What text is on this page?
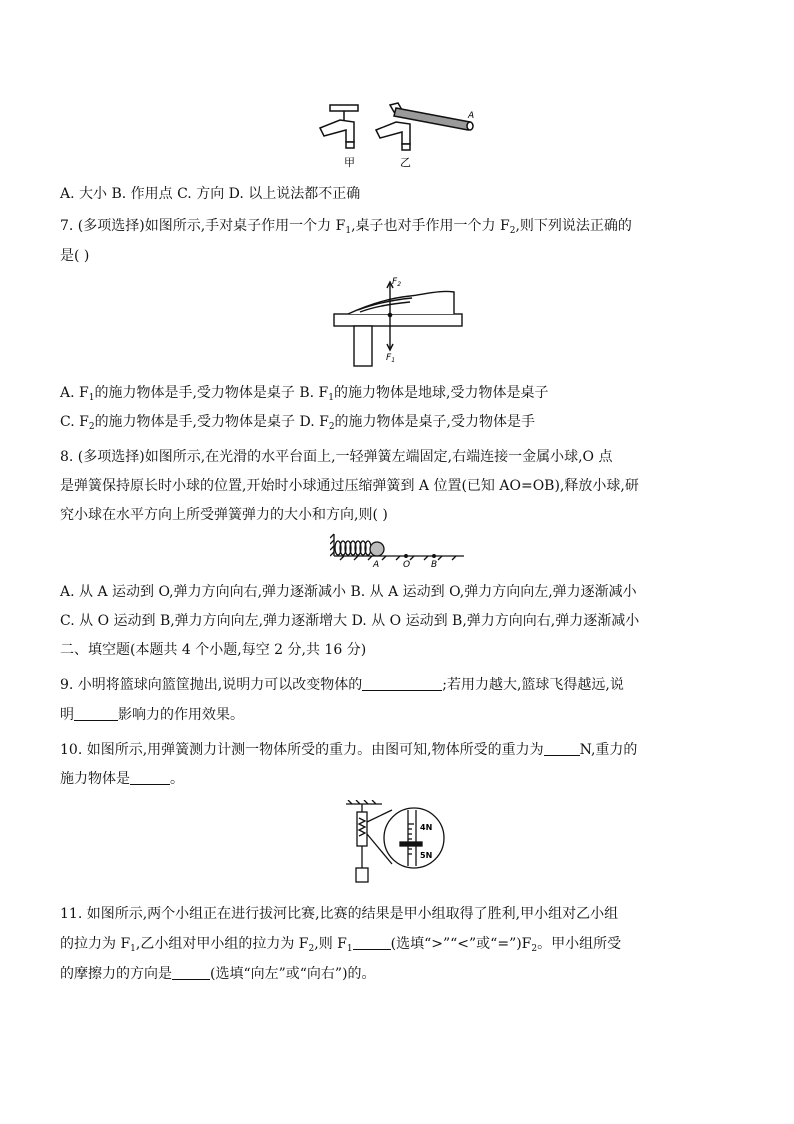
A
甲	乙
A. 大小 B. 作用点 C. 方向 D. 以上说法都不正确
7. (多项选择)如图所示,手对桌子作用一个力 $F_1$,桌子也对手作用一个力 $F_2$,则下列说法正确的
是( )
$F_2$
$F_1$
A. $F_1$的施力物体是手,受力物体是桌子 B. $F_1$的施力物体是地球,受力物体是桌子
C. $F_2$的施力物体是手,受力物体是桌子 D. $F_2$的施力物体是桌子,受力物体是手
8. (多项选择)如图所示,在光滑的水平台面上,一轻弹簧左端固定,右端连接一金属小球,O 点
是弹簧保持原长时小球的位置,开始时小球通过压缩弹簧到 A 位置(已知 AO=OB),释放小球,研
究小球在水平方向上所受弹簧弹力的大小和方向,则( )
A	O B
A. 从 A 运动到 O,弹力方向向右,弹力逐渐减小 B. 从 A 运动到 O,弹力方向向左,弹力逐渐减小
C. 从 O 运动到 B,弹力方向向左,弹力逐渐增大 D. 从 O 运动到 B,弹力方向向右,弹力逐渐减小
二、填空题(本题共 4 个小题,每空 2 分,共 16 分)
9. 小明将篮球向篮筐抛出,说明力可以改变物体的	;若用力越大,篮球飞得越远,说
明	影响力的作用效果。
10. 如图所示,用弹簧测力计测一物体所受的重力。由图可知,物体所受的重力为	N,重力的
施力物体是	。
4N
5N
11. 如图所示,两个小组正在进行拔河比赛,比赛的结果是甲小组取得了胜利,甲小组对乙小组
的拉力为 $F_1$,乙小组对甲小组的拉力为 $F_2$,则 $F_1$	(选填“>”“<”或“$=”)F_2$。甲小组所受
的摩擦力的方向是	(选填“向左”或“向右”)的。
